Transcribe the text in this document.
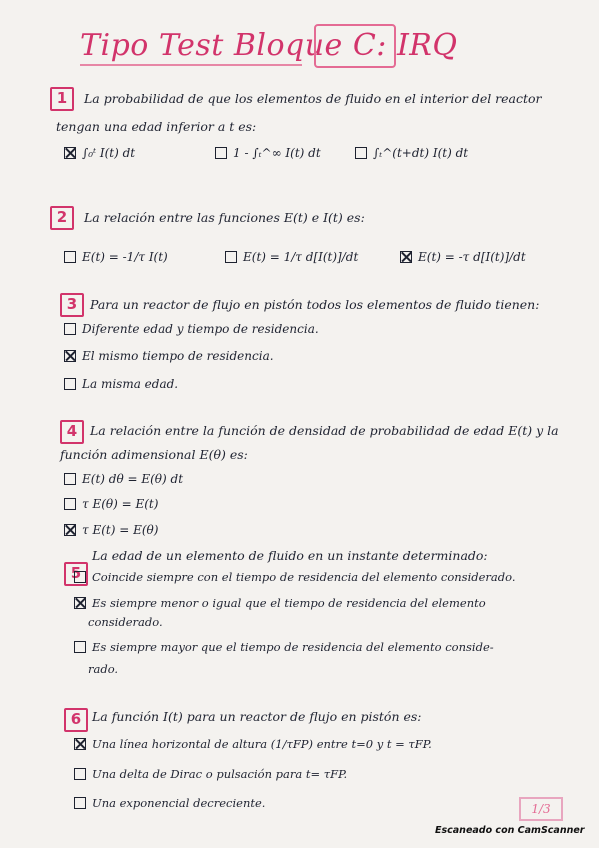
Tipo Test Bloque C: IRQ
1	La probabilidad de que los elementos de fluido en el interior del reactor
tengan una edad inferior a t es:
∫₀ᵗ I(t) dt	1 - ∫ₜ^∞ I(t) dt	∫ₜ^(t+dt) I(t) dt
2	La relación entre las funciones E(t) e I(t) es:
E(t) = -1/τ I(t)	E(t) = 1/τ d[I(t)]/dt	E(t) = -τ d[I(t)]/dt
3	Para un reactor de flujo en pistón todos los elementos de fluido tienen:
Diferente edad y tiempo de residencia.
El mismo tiempo de residencia.
La misma edad.
4	La relación entre la función de densidad de probabilidad de edad E(t) y la
función adimensional E(θ) es:
E(t) dθ = E(θ) dt
τ E(θ) = E(t)
τ E(t) = E(θ)
5
La edad de un elemento de fluido en un instante determinado:
Coincide siempre con el tiempo de residencia del elemento considerado.
Es siempre menor o igual que el tiempo de residencia del elemento
considerado.
Es siempre mayor que el tiempo de residencia del elemento conside-
rado.
6 La función I(t) para un reactor de flujo en pistón es:
Una línea horizontal de altura (1/τFP) entre t=0 y t = τFP.
Una delta de Dirac o pulsación para t= τFP.
Una exponencial decreciente.	1/3
Escaneado con CamScanner
